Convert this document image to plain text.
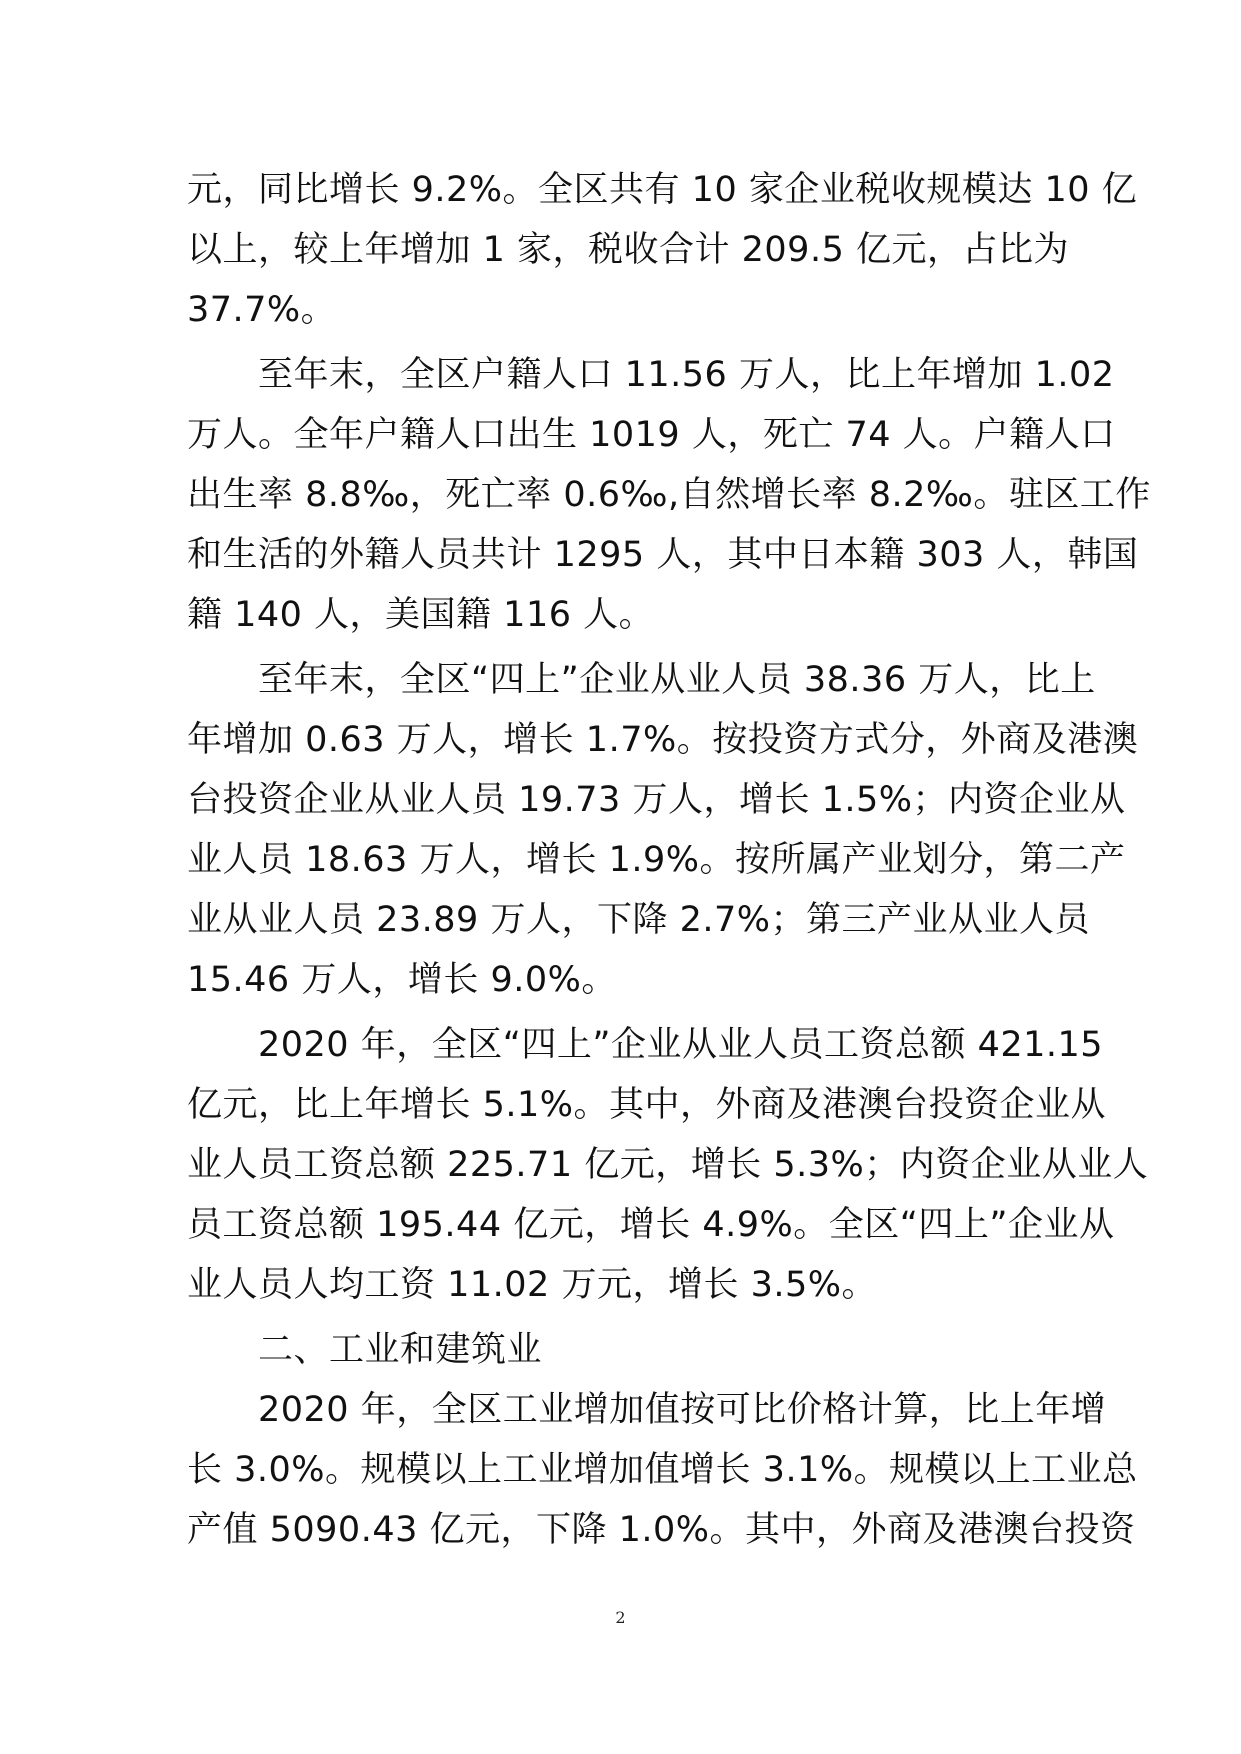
元，同比增长 9.2%。全区共有 10 家企业税收规模达 10 亿
以上，较上年增加 1 家，税收合计 209.5 亿元，占比为
37.7%。
　　至年末，全区户籍人口 11.56 万人，比上年增加 1.02
万人。全年户籍人口出生 1019 人，死亡 74 人。户籍人口
出生率 8.8‰，死亡率 0.6‰,自然增长率 8.2‰。驻区工作
和生活的外籍人员共计 1295 人，其中日本籍 303 人，韩国
籍 140 人，美国籍 116 人。
　　至年末，全区“四上”企业从业人员 38.36 万人，比上
年增加 0.63 万人，增长 1.7%。按投资方式分，外商及港澳
台投资企业从业人员 19.73 万人，增长 1.5%；内资企业从
业人员 18.63 万人，增长 1.9%。按所属产业划分，第二产
业从业人员 23.89 万人，下降 2.7%；第三产业从业人员
15.46 万人，增长 9.0%。
　　2020 年，全区“四上”企业从业人员工资总额 421.15
亿元，比上年增长 5.1%。其中，外商及港澳台投资企业从
业人员工资总额 225.71 亿元，增长 5.3%；内资企业从业人
员工资总额 195.44 亿元，增长 4.9%。全区“四上”企业从
业人员人均工资 11.02 万元，增长 3.5%。
　　二、工业和建筑业
　　2020 年，全区工业增加值按可比价格计算，比上年增
长 3.0%。规模以上工业增加值增长 3.1%。规模以上工业总
产值 5090.43 亿元，下降 1.0%。其中，外商及港澳台投资
2
